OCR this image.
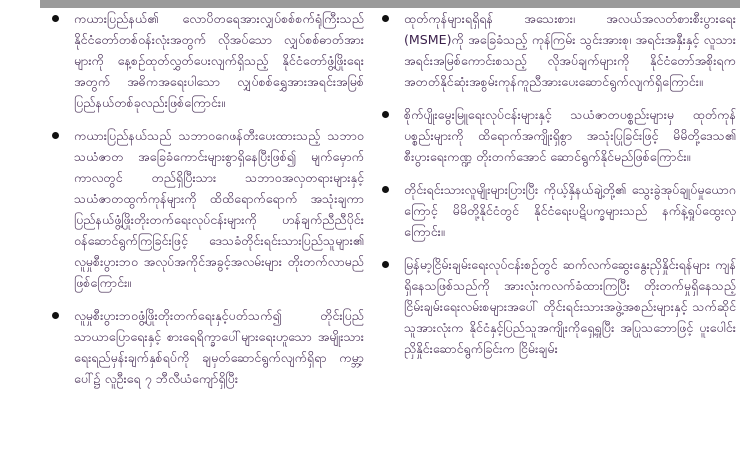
ကယားပြည်နယ်၏ လောပိတရေအားလျှပ်စစ်စက်ရုံကြီးသည် နိုင်ငံတော်တစ်ဝန်းလုံးအတွက် လိုအပ်သော လျှပ်စစ်ဓာတ်အားများကို နေ့စဉ်ထုတ်လွှတ်ပေးလျက်ရှိသည့် နိုင်ငံတော်ဖွံ့ဖြိုးရေးအတွက် အဓိကအရေးပါသော လျှပ်စစ်ရွှေအားအရင်းအမြစ် ပြည်နယ်တစ်ခုလည်းဖြစ်ကြောင်း။

ကယားပြည်နယ်သည် သဘာဝဂေဖန်တီးပေးထားသည့် သဘာဝသယံဇာတ အခြေခံကောင်းများစွာရှိနေပြီးဖြစ်၍ မျက်မှောက်ကာလတွင် တည်ရှိပြီးသား သဘာဝအလှတရားများနှင့် သယံဇာတထွက်ကုန်များကို ထိထိရောက်ရောက် အသုံးချကာ ပြည်နယ်ဖွံ့ဖြိုးတိုးတက်ရေးလုပ်ငန်းများကို ဟန်ချက်ညီညီပိုင်း ဝန်ဆောင်ရွက်ကြခြင်းဖြင့် ဒေသခံတိုင်းရင်းသားပြည်သူများ၏ လူမှုစီးပွားဘဝ အလုပ်အကိုင်အခွင့်အလမ်းများ တိုးတက်လာမည်ဖြစ်ကြောင်း။

လူမှုစီးပွားဘဝဖွံ့ဖြိုးတိုးတက်ရေးနှင့်ပတ်သက်၍ တိုင်းပြည်သာယာပြောရေးနှင့် စားရေရိက္ခာပေါ်များရေးဟူသော အမျိုးသားရေးရည်မှန်းချက်နှစ်ရပ်ကို ချမှတ်ဆောင်ရွက်လျက်ရှိရာ ကမ္ဘာ့ပေါ်၌ လူဦးရေ ၇ ဘီလီယံကျော်ရှိပြီး

ထုတ်ကုန်များရရှိရန် အသေးစား၊ အလယ်အလတ်စားစီးပွားရေး (MSME)ကို အခြေခံသည့် ကုန်ကြမ်း သွင်းအားစု၊ အရင်းအနှီးနှင့် လူသားအရင်းအမြစ်ကောင်းစသည့် လိုအပ်ချက်များကို နိုင်ငံတော်အစိုးရက အတတ်နိုင်ဆုံးအစွမ်းကုန်ကူညီအားပေးဆောင်ရွက်လျက်ရှိကြောင်း။

စိုက်ပျိုးမွေးမြူရေးလုပ်ငန်းများနှင့် သယံဇာတပစ္စည်းများမှ ထုတ်ကုန်ပစ္စည်းများကို ထိရောက်အကျိုးရှိစွာ အသုံးပြုခြင်းဖြင့် မိမိတို့ဒေသ၏ စီးပွားရေးကဏ္ဍ တိုးတက်အောင် ဆောင်ရွက်နိုင်မည်ဖြစ်ကြောင်း။

တိုင်းရင်းသားလူမျိုးများပြားပြီး ကိုယ့်နှိနယ်ချဲ့တို့၏ သွေးခွဲအုပ်ချုပ်မှုယောဂကြောင့် မိမိတို့နိုင်ငံတွင် နိုင်ငံရေးပဋိပက္ခများသည် နက်နဲ့ရှုပ်ထွေးလှကြောင်း။

မြန်မာ့ငြိမ်းချမ်းရေးလုပ်ငန်းစဉ်တွင် ဆက်လက်ဆွေးနွေးညှိနှိုင်းရန်များ ကျန်ရှိနေသဖြစ်သည်ကို အားလုံးကလက်ခံထားကြပြီး တိုးတက်မှုရှိနေသည့် ငြိမ်းချမ်းရေးလမ်းစများအပေါ် တိုင်းရင်းသားအဖွဲ့အစည်းများနှင့် သက်ဆိုင်သူအားလုံးက နိုင်ငံနှင့်ပြည်သူအကျိုးကိုရှေ့ရှုပြီး အပြုသဘောဖြင့် ပူးပေါင်းညှိနှိုင်းဆောင်ရွက်ခြင်းက ငြိမ်းချမ်း
